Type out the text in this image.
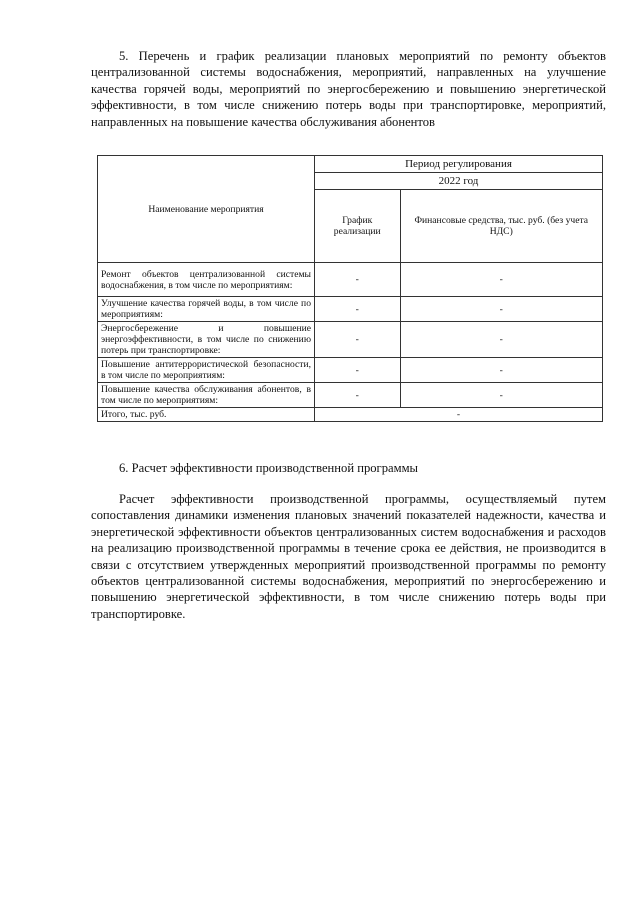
5. Перечень и график реализации плановых мероприятий по ремонту объектов централизованной системы водоснабжения, мероприятий, направленных на улучшение качества горячей воды, мероприятий по энергосбережению и повышению энергетической эффективности, в том числе снижению потерь воды при транспортировке, мероприятий, направленных на повышение качества обслуживания абонентов

Наименование мероприятия	Период регулирования	
	2022 год	
	График реализации	Финансовые средства, тыс. руб. (без учета НДС)
Ремонт объектов централизованной системы водоснабжения, в том числе по мероприятиям:	-	-
Улучшение качества горячей воды, в том числе по мероприятиям:	-	-
Энергосбережение и повышение энергоэффективности, в том числе по снижению потерь при транспортировке:	-	-
Повышение антитеррористической безопасности, в том числе по мероприятиям:	-	-
Повышение качества обслуживания абонентов, в том числе по мероприятиям:	-	-
Итого, тыс. руб.	-	

6. Расчет эффективности производственной программы

Расчет эффективности производственной программы, осуществляемый путем сопоставления динамики изменения плановых значений показателей надежности, качества и энергетической эффективности объектов централизованных систем водоснабжения и расходов на реализацию производственной программы в течение срока ее действия, не производится в связи с отсутствием утвержденных мероприятий производственной программы по ремонту объектов централизованной системы водоснабжения, мероприятий по энергосбережению и повышению энергетической эффективности, в том числе снижению потерь воды при транспортировке.
